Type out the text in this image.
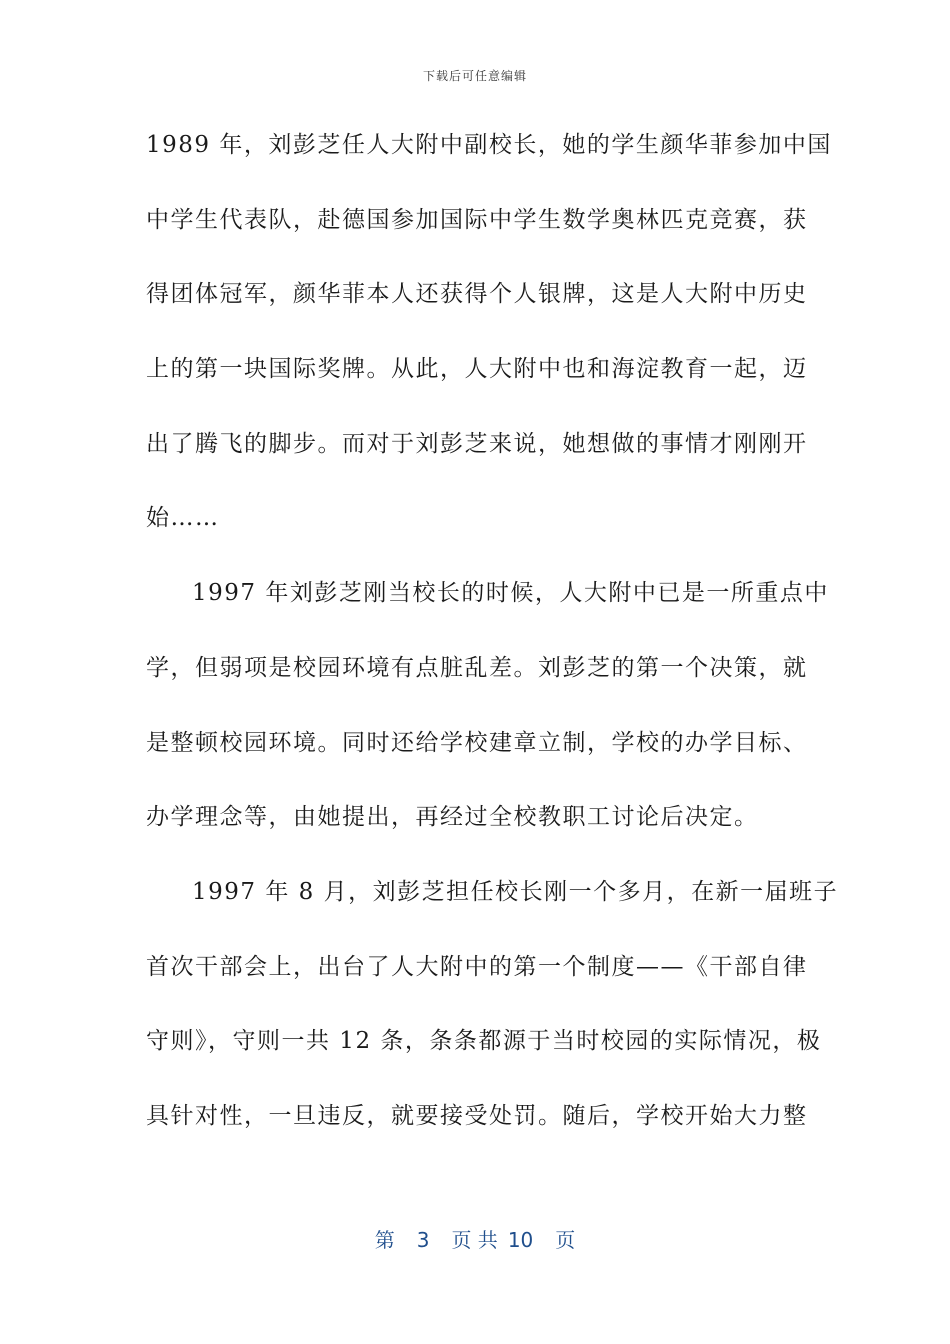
下载后可任意编辑
1989 年，刘彭芝任人大附中副校长，她的学生颜华菲参加中国
中学生代表队，赴德国参加国际中学生数学奥林匹克竞赛，获
得团体冠军，颜华菲本人还获得个人银牌，这是人大附中历史
上的第一块国际奖牌。从此，人大附中也和海淀教育一起，迈
出了腾飞的脚步。而对于刘彭芝来说，她想做的事情才刚刚开
始……
1997 年刘彭芝刚当校长的时候，人大附中已是一所重点中
学，但弱项是校园环境有点脏乱差。刘彭芝的第一个决策，就
是整顿校园环境。同时还给学校建章立制，学校的办学目标、
办学理念等，由她提出，再经过全校教职工讨论后决定。
1997 年 8 月，刘彭芝担任校长刚一个多月，在新一届班子
首次干部会上，出台了人大附中的第一个制度——《干部自律
守则》，守则一共 12 条，条条都源于当时校园的实际情况，极
具针对性，一旦违反，就要接受处罚。随后，学校开始大力整
第 3 页 共 10 页
